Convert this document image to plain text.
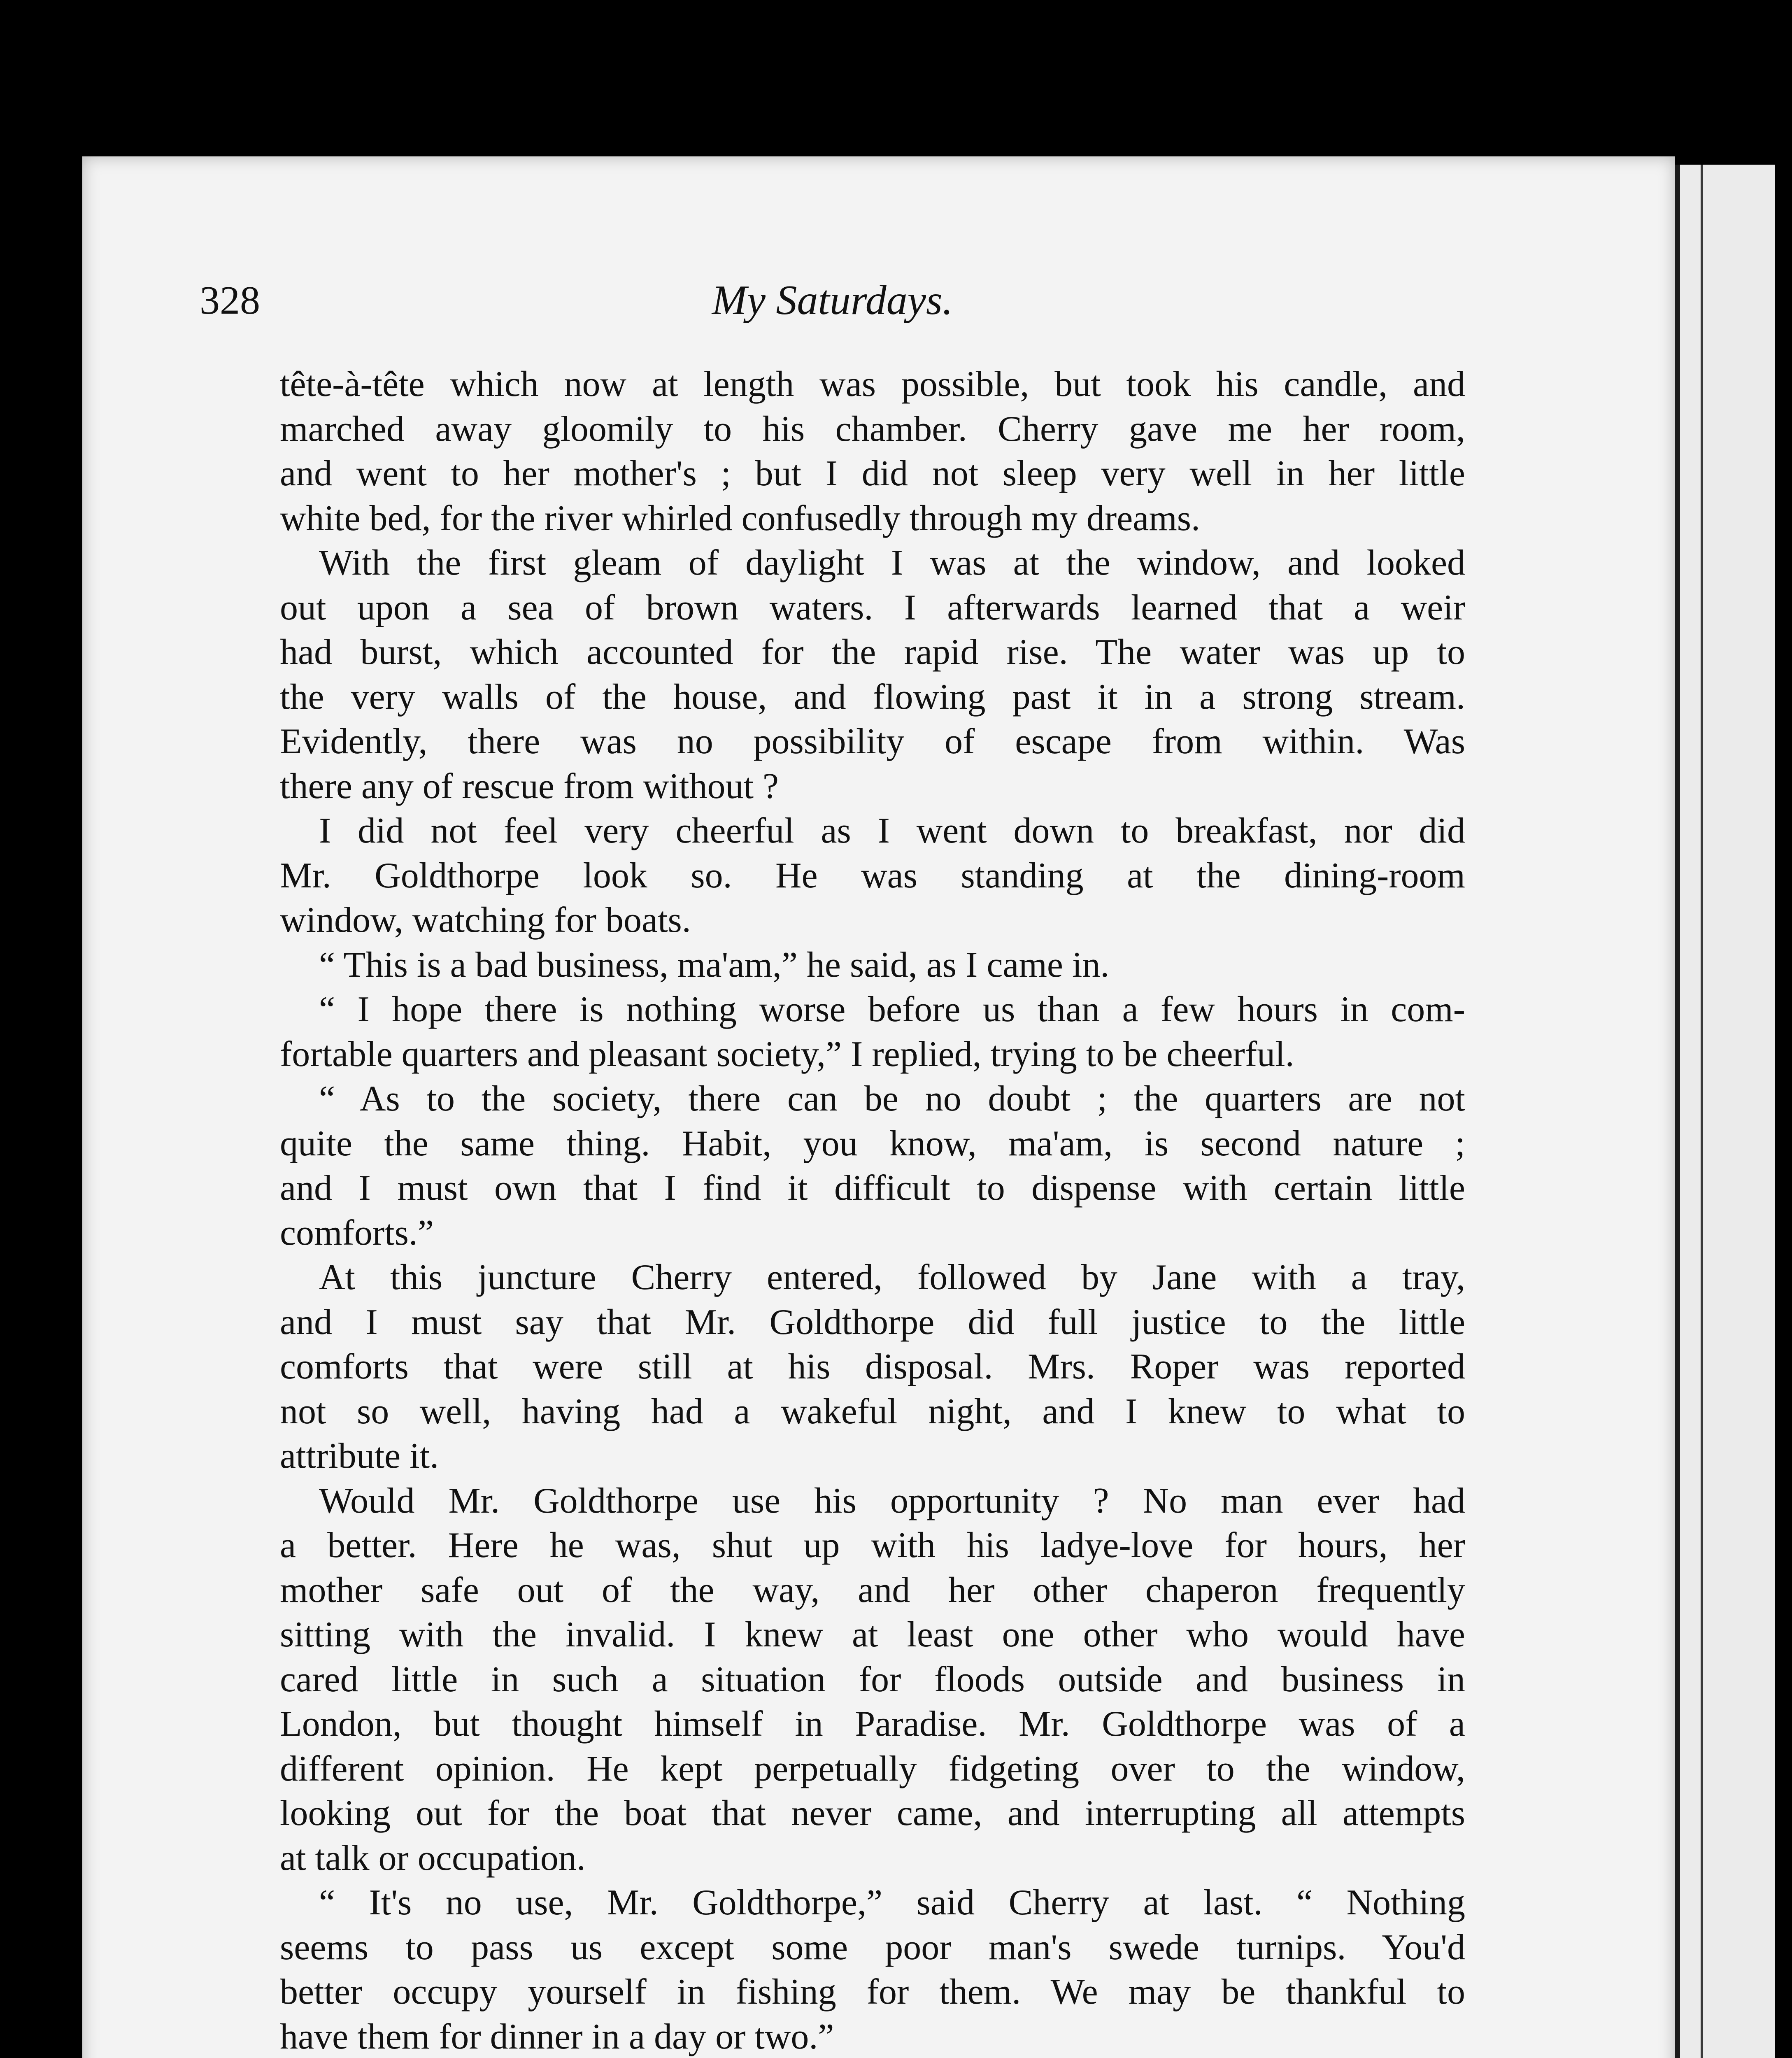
328	My Saturdays.

tête-à-tête which now at length was possible, but took his candle, and
marched away gloomily to his chamber. Cherry gave me her room,
and went to her mother's ; but I did not sleep very well in her little
white bed, for the river whirled confusedly through my dreams.

With the first gleam of daylight I was at the window, and looked
out upon a sea of brown waters. I afterwards learned that a weir
had burst, which accounted for the rapid rise. The water was up to
the very walls of the house, and flowing past it in a strong stream.
Evidently, there was no possibility of escape from within. Was
there any of rescue from without ?

I did not feel very cheerful as I went down to breakfast, nor did
Mr. Goldthorpe look so. He was standing at the dining-room
window, watching for boats.

“ This is a bad business, ma'am,” he said, as I came in.

“ I hope there is nothing worse before us than a few hours in com-
fortable quarters and pleasant society,” I replied, trying to be cheerful.

“ As to the society, there can be no doubt ; the quarters are not
quite the same thing. Habit, you know, ma'am, is second nature ;
and I must own that I find it difficult to dispense with certain little
comforts.”

At this juncture Cherry entered, followed by Jane with a tray,
and I must say that Mr. Goldthorpe did full justice to the little
comforts that were still at his disposal. Mrs. Roper was reported
not so well, having had a wakeful night, and I knew to what to
attribute it.

Would Mr. Goldthorpe use his opportunity ? No man ever had
a better. Here he was, shut up with his ladye-love for hours, her
mother safe out of the way, and her other chaperon frequently
sitting with the invalid. I knew at least one other who would have
cared little in such a situation for floods outside and business in
London, but thought himself in Paradise. Mr. Goldthorpe was of a
different opinion. He kept perpetually fidgeting over to the window,
looking out for the boat that never came, and interrupting all attempts
at talk or occupation.

“ It's no use, Mr. Goldthorpe,” said Cherry at last. “ Nothing
seems to pass us except some poor man's swede turnips. You'd
better occupy yourself in fishing for them. We may be thankful to
have them for dinner in a day or two.”
